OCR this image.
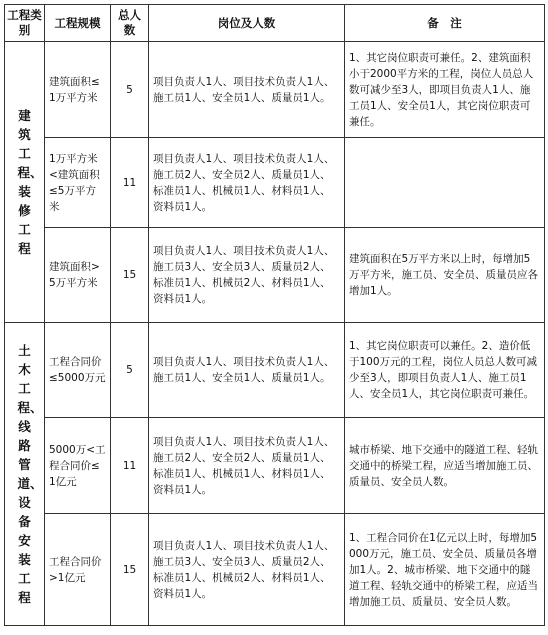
工程类别	工程规模	总人数	岗位及人数	备　注

建筑工程、装修工程	建筑面积≤1万平方米	5	项目负责人1人、项目技术负责人1人、施工员1人、安全员1人、质量员1人。	1、其它岗位职责可兼任。2、建筑面积小于2000平方米的工程，岗位人员总人数可减少至3人，即项目负责人1人、施工员1人、安全员1人，其它岗位职责可兼任。
	1万平方米<建筑面积≤5万平方米	11	项目负责人1人、项目技术负责人1人、施工员2人、安全员2人、质量员1人、标准员1人、机械员1人、材料员1人、资料员1人。	
	建筑面积>5万平方米	15	项目负责人1人、项目技术负责人1人、施工员3人、安全员3人、质量员2人、标准员1人、机械员2人、材料员1人、资料员1人。	建筑面积在5万平方米以上时，每增加5万平方米，施工员、安全员、质量员应各增加1人。

土木工程、线路管道、设备安装工程	工程合同价≤5000万元	5	项目负责人1人、项目技术负责人1人、施工员1人、安全员1人、质量员1人。	1、其它岗位职责可以兼任。2、造价低于100万元的工程，岗位人员总人数可减少至3人，即项目负责人1人、施工员1人、安全员1人，其它岗位职责可兼任。
	5000万<工程合同价≤1亿元	11	项目负责人1人、项目技术负责人1人、施工员2人、安全员2人、质量员1人、标准员1人、机械员1人、材料员1人、资料员1人。	城市桥梁、地下交通中的隧道工程、轻轨交通中的桥梁工程，应适当增加施工员、质量员、安全员人数。
	工程合同价>1亿元	15	项目负责人1人、项目技术负责人1人、施工员3人、安全员3人、质量员2人、标准员1人、机械员2人、材料员1人、资料员1人。	1、工程合同价在1亿元以上时，每增加5000万元，施工员、安全员、质量员各增加1人。2、城市桥梁、地下交通中的隧道工程、轻轨交通中的桥梁工程，应适当增加施工员、质量员、安全员人数。
